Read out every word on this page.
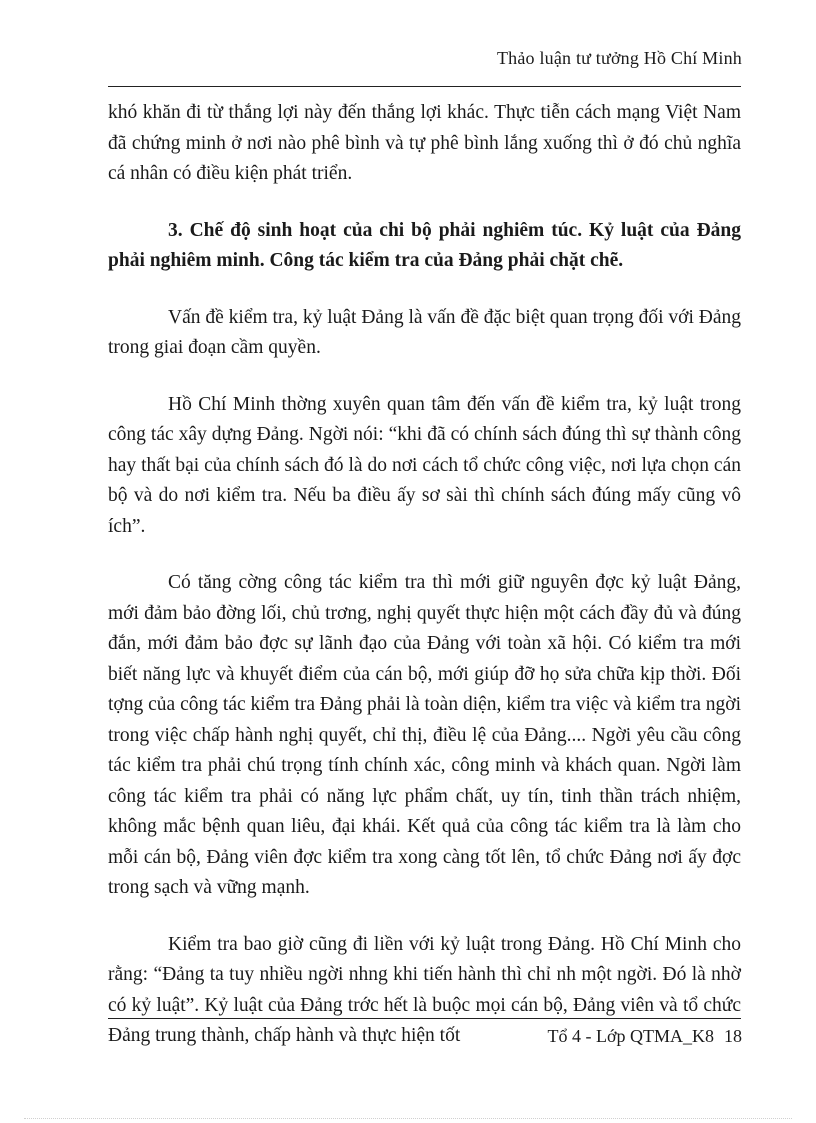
Thảo luận tư tưởng Hồ Chí Minh

khó khăn đi từ thắng lợi này đến thắng lợi khác. Thực tiễn cách mạng Việt Nam đã chứng minh ở nơi nào phê bình và tự phê bình lắng xuống thì ở đó chủ nghĩa cá nhân có điều kiện phát triển.

3. Chế độ sinh hoạt của chi bộ phải nghiêm túc. Kỷ luật của Đảng phải nghiêm minh. Công tác kiểm tra của Đảng phải chặt chẽ.

Vấn đề kiểm tra, kỷ luật Đảng là vấn đề đặc biệt quan trọng đối với Đảng trong giai đoạn cầm quyền.

Hồ Chí Minh thờng xuyên quan tâm đến vấn đề kiểm tra, kỷ luật trong công tác xây dựng Đảng. Ngời nói: “khi đã có chính sách đúng thì sự thành công hay thất bại của chính sách đó là do nơi cách tổ chức công việc, nơi lựa chọn cán bộ và do nơi kiểm tra. Nếu ba điều ấy sơ sài thì chính sách đúng mấy cũng vô ích”.

Có tăng cờng công tác kiểm tra thì mới giữ nguyên đợc kỷ luật Đảng, mới đảm bảo đờng lối, chủ trơng, nghị quyết thực hiện một cách đầy đủ và đúng đắn, mới đảm bảo đợc sự lãnh đạo của Đảng với toàn xã hội. Có kiểm tra mới biết năng lực và khuyết điểm của cán bộ, mới giúp đỡ họ sửa chữa kịp thời. Đối tợng của công tác kiểm tra Đảng phải là toàn diện, kiểm tra việc và kiểm tra ngời trong việc chấp hành nghị quyết, chỉ thị, điều lệ của Đảng.... Ngời yêu cầu công tác kiểm tra phải chú trọng tính chính xác, công minh và khách quan. Ngời làm công tác kiểm tra phải có năng lực phẩm chất, uy tín, tinh thần trách nhiệm, không mắc bệnh quan liêu, đại khái. Kết quả của công tác kiểm tra là làm cho mỗi cán bộ, Đảng viên đợc kiểm tra xong càng tốt lên, tổ chức Đảng nơi ấy đợc trong sạch và vững mạnh.

Kiểm tra bao giờ cũng đi liền với kỷ luật trong Đảng. Hồ Chí Minh cho rằng: “Đảng ta tuy nhiều ngời nhng khi tiến hành thì chỉ nh một ngời. Đó là nhờ có kỷ luật”. Kỷ luật của Đảng trớc hết là buộc mọi cán bộ, Đảng viên và tổ chức Đảng trung thành, chấp hành và thực hiện tốt	Tổ 4 - Lớp QTMA_K8 18
